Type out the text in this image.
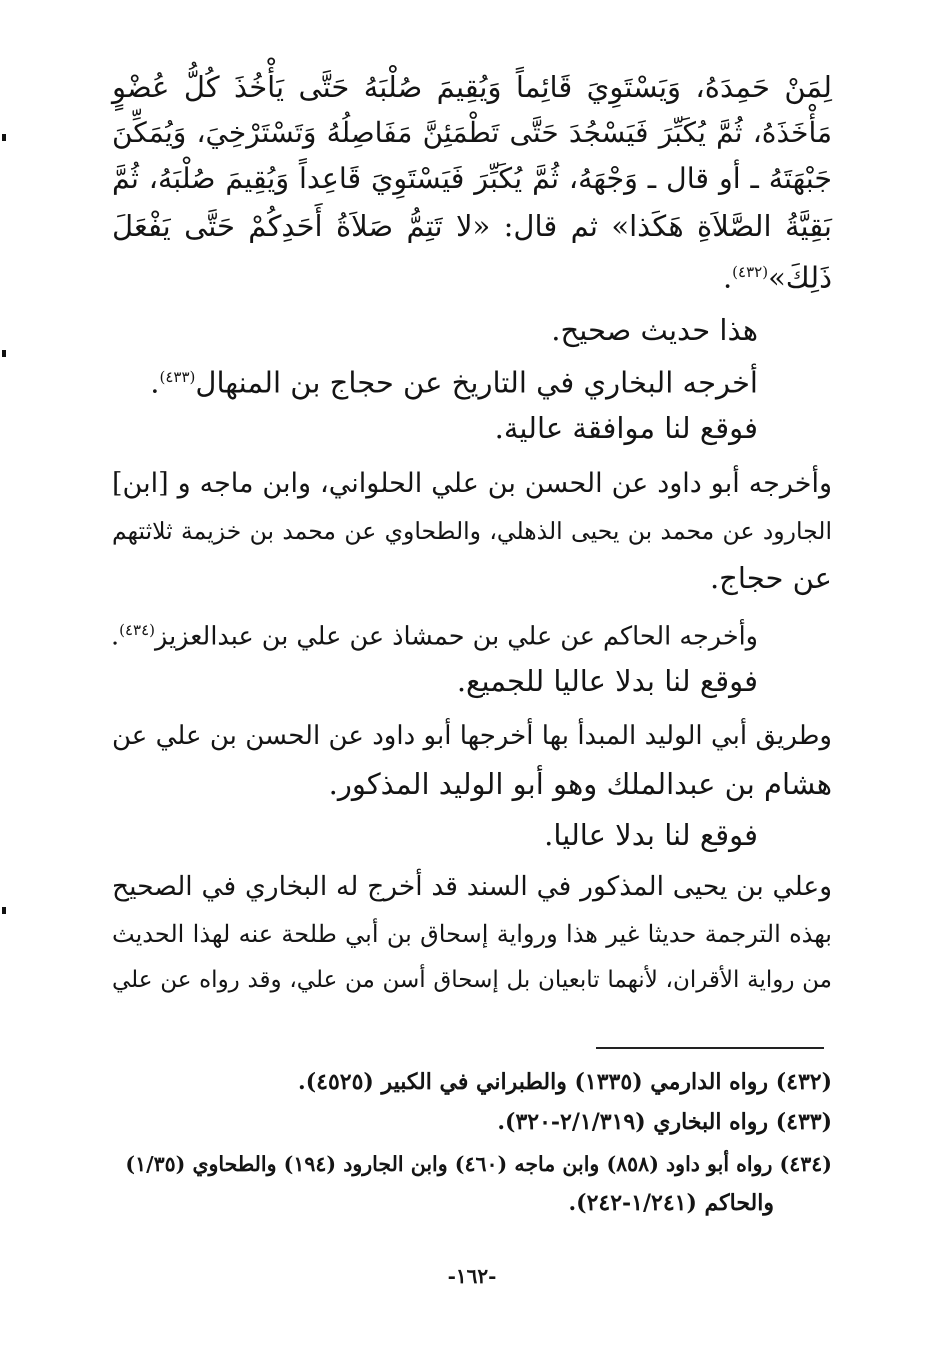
لِمَنْ حَمِدَهُ، وَيَسْتَوِيَ قَائِماً وَيُقِيمَ صُلْبَهُ حَتَّى يَأْخُذَ كُلُّ عُضْوٍ
مَأْخَذَهُ، ثُمَّ يُكَبِّرَ فَيَسْجُدَ حَتَّى تَطْمَئِنَّ مَفَاصِلُهُ وَتَسْتَرْخِيَ، وَيُمَكِّنَ
جَبْهَتَهُ ـ أو قال ـ وَجْهَهُ، ثُمَّ يُكَبِّرَ فَيَسْتَوِيَ قَاعِداً وَيُقِيمَ صُلْبَهُ، ثُمَّ
بَقِيَّةُ الصَّلاَةِ هَكَذا» ثم قال: «لا تَتِمُّ صَلاَةُ أَحَدِكُمْ حَتَّى يَفْعَلَ
ذَلِكَ»$^{(٤٣٢)}$.
هذا حديث صحيح.
أخرجه البخاري في التاريخ عن حجاج بن المنهال$^{(٤٣٣)}$.
فوقع لنا موافقة عالية.
وأخرجه أبو داود عن الحسن بن علي الحلواني، وابن ماجه و [ابن]
الجارود عن محمد بن يحيى الذهلي، والطحاوي عن محمد بن خزيمة ثلاثتهم
عن حجاج.
وأخرجه الحاكم عن علي بن حمشاذ عن علي بن عبدالعزيز$^{(٤٣٤)}$.
فوقع لنا بدلا عاليا للجميع.
وطريق أبي الوليد المبدأ بها أخرجها أبو داود عن الحسن بن علي عن
هشام بن عبدالملك وهو أبو الوليد المذكور.
فوقع لنا بدلا عاليا.
وعلي بن يحيى المذكور في السند قد أخرج له البخاري في الصحيح
بهذه الترجمة حديثا غير هذا ورواية إسحاق بن أبي طلحة عنه لهذا الحديث
من رواية الأقران، لأنهما تابعيان بل إسحاق أسن من علي، وقد رواه عن علي
(٤٣٢) رواه الدارمي (١٣٣٥) والطبراني في الكبير (٤٥٢٥).
(٤٣٣) رواه البخاري (٢/١/٣١٩-٣٢٠).
(٤٣٤) رواه أبو داود (٨٥٨) وابن ماجه (٤٦٠) وابن الجارود (١٩٤) والطحاوي (١/٣٥)
والحاكم (١/٢٤١-٢٤٢).
-١٦٢-
